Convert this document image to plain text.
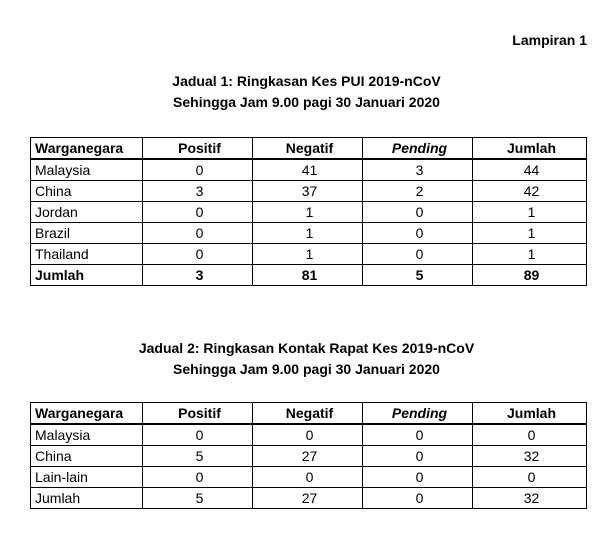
Lampiran 1
Jadual 1: Ringkasan Kes PUI 2019-nCoV
Sehingga Jam 9.00 pagi 30 Januari 2020
Warganegara	Positif	Negatif	Pending	Jumlah
Malaysia	0	41	3	44
China	3	37	2	42
Jordan	0	1	0	1
Brazil	0	1	0	1
Thailand	0	1	0	1
Jumlah	3	81	5	89
Jadual 2: Ringkasan Kontak Rapat Kes 2019-nCoV
Sehingga Jam 9.00 pagi 30 Januari 2020
Warganegara	Positif	Negatif	Pending	Jumlah
Malaysia	0	0	0	0
China	5	27	0	32
Lain-lain	0	0	0	0
Jumlah	5	27	0	32
